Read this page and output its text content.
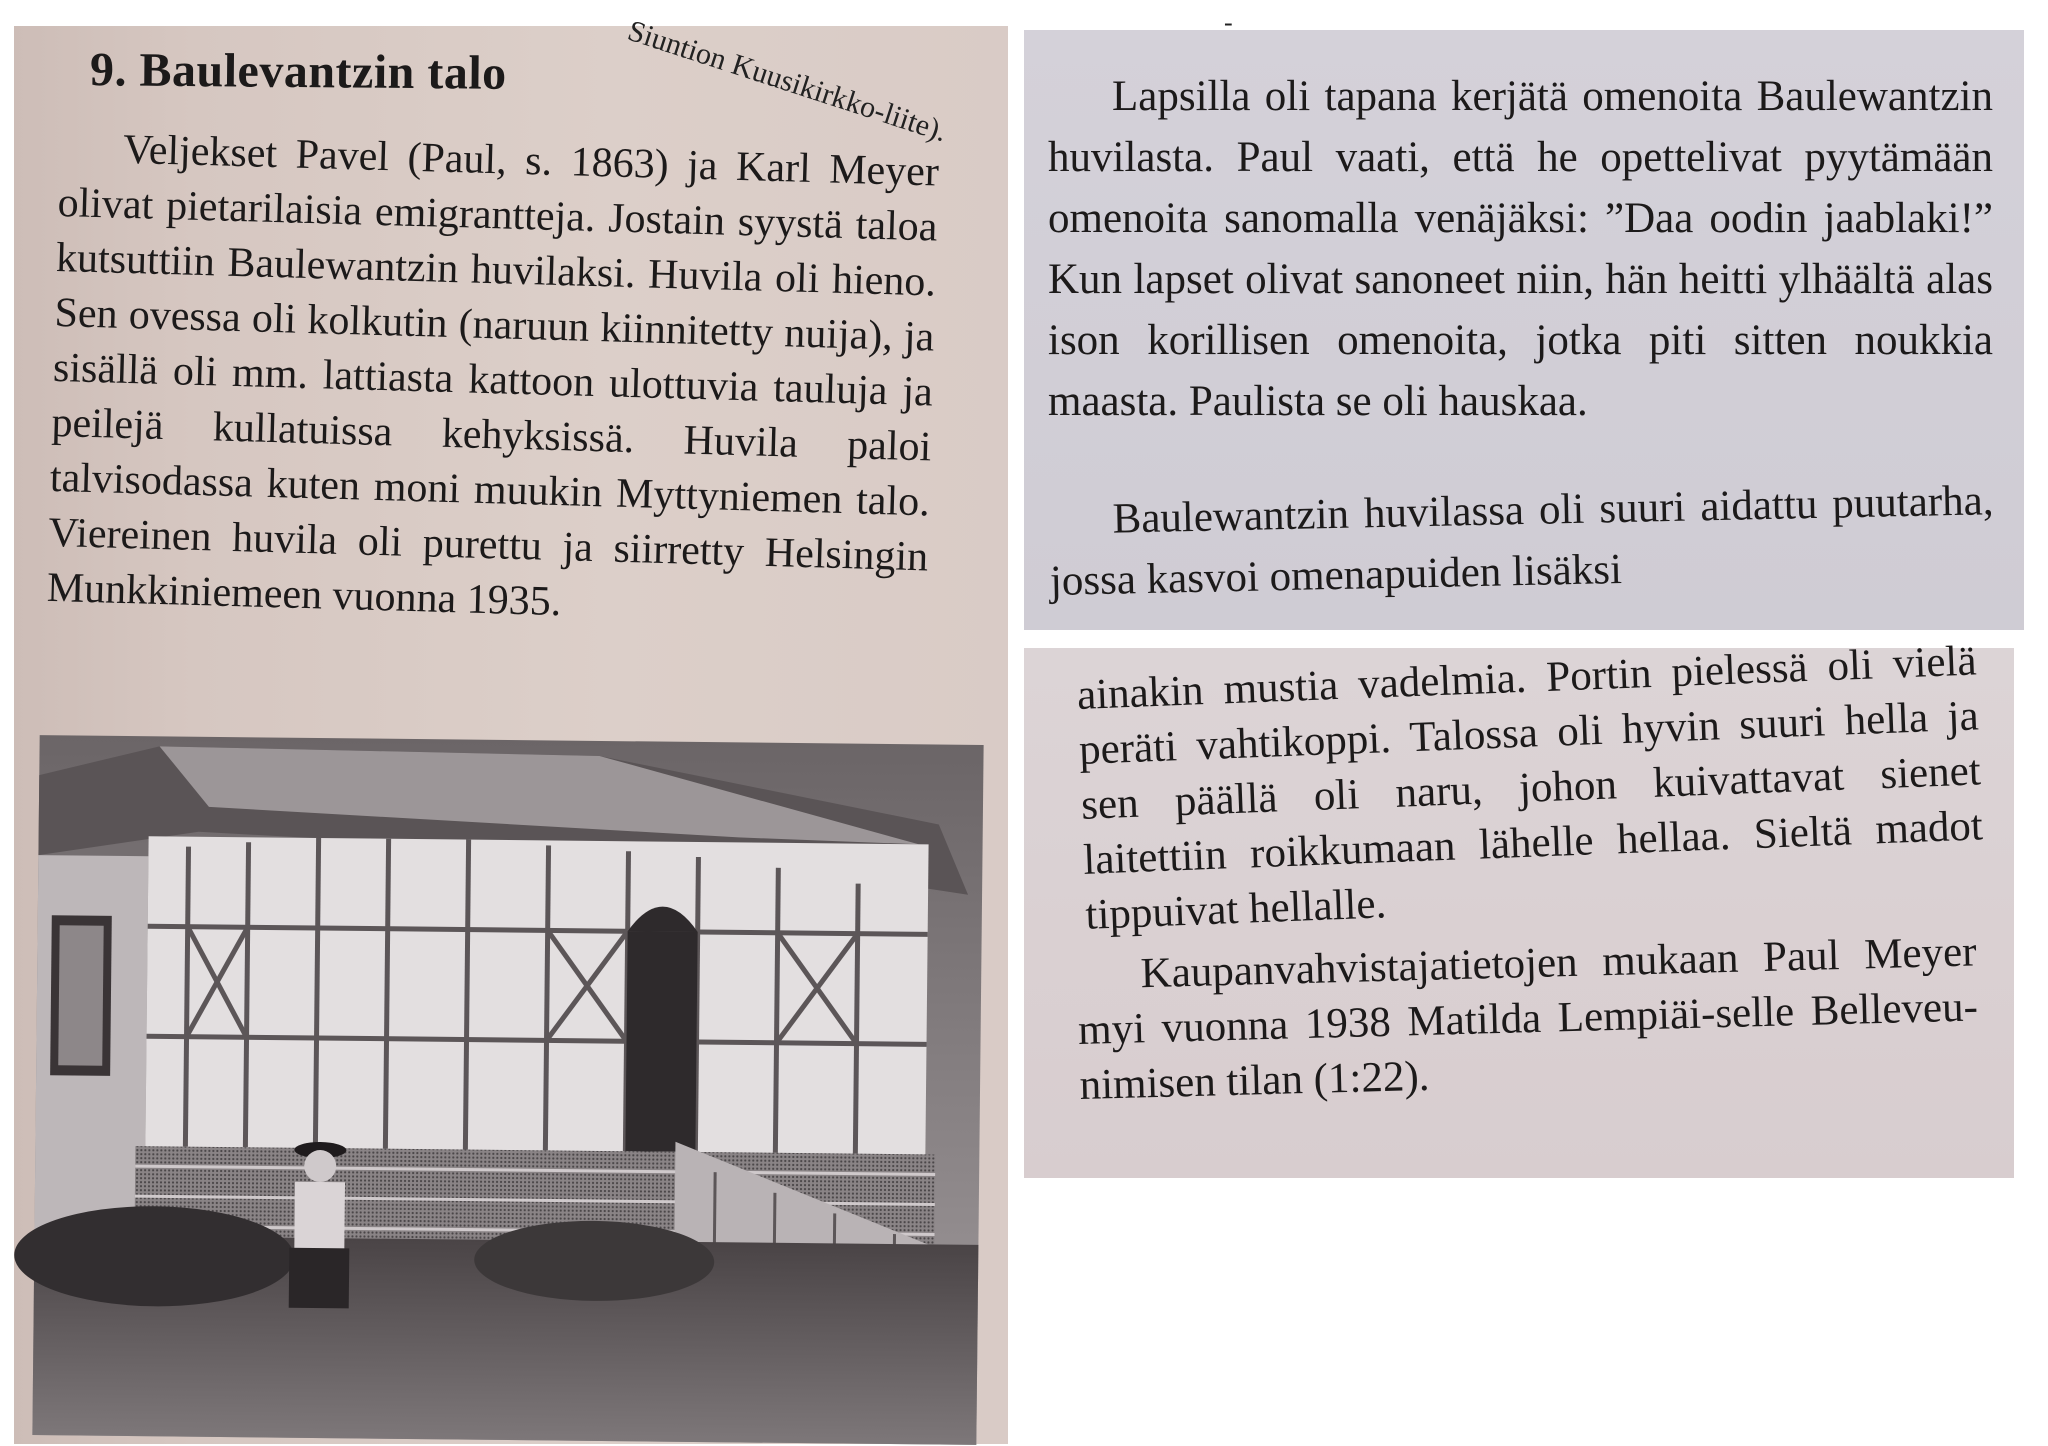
Siuntion Kuusikirkko-liite).
9. Baulevantzin talo

Veljekset Pavel (Paul, s. 1863) ja Karl Meyer olivat pietarilaisia emigrantteja. Jostain syystä taloa kutsuttiin Baulewantzin huvilaksi. Huvila oli hieno. Sen ovessa oli kolkutin (naruun kiinnitetty nuija), ja sisällä oli mm. lattiasta kattoon ulottuvia tauluja ja peilejä kullatuissa kehyksissä. Huvila paloi talvisodassa kuten moni muukin Myttyniemen talo. Viereinen huvila oli purettu ja siirretty Helsingin Munkkiniemeen vuonna 1935.

-

Lapsilla oli tapana kerjätä omenoita Baulewantzin huvilasta. Paul vaati, että he opettelivat pyytämään omenoita sanomalla venäjäksi: ”Daa oodin jaablaki!” Kun lapset olivat sanoneet niin, hän heitti ylhäältä alas ison korillisen omenoita, jotka piti sitten noukkia maasta. Paulista se oli hauskaa.

Baulewantzin huvilassa oli suuri aidattu puutarha, jossa kasvoi omenapuiden lisäksi

ainakin mustia vadelmia. Portin pielessä oli vielä peräti vahtikoppi. Talossa oli hyvin suuri hella ja sen päällä oli naru, johon kuivattavat sienet laitettiin roikkumaan lähelle hellaa. Sieltä madot tippuivat hellalle.

Kaupanvahvistajatietojen mukaan Paul Meyer myi vuonna 1938 Matilda Lempiäi-selle Belleveu-nimisen tilan (1:22).
